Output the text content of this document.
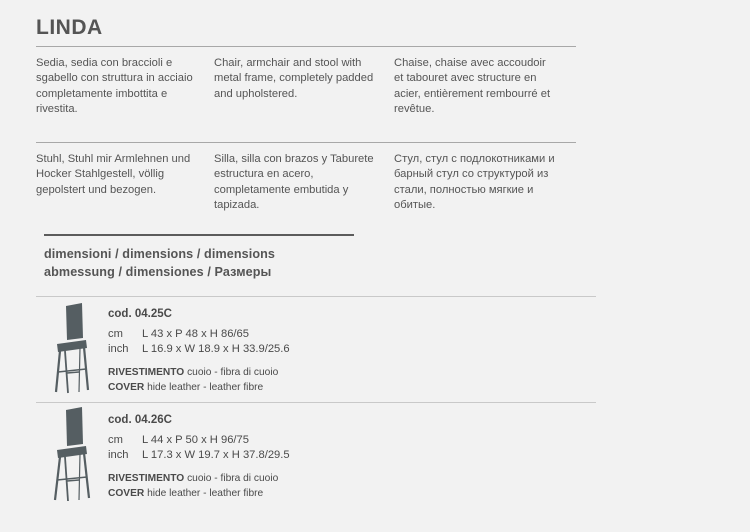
LINDA
Sedia, sedia con braccioli e sgabello con struttura in acciaio completamente imbottita e rivestita.
Chair, armchair and stool with metal frame, completely padded and upholstered.
Chaise, chaise avec accoudoir et tabouret avec structure en acier, entièrement rembourré et revêtue.
Stuhl, Stuhl mir Armlehnen und Hocker Stahlgestell, völlig gepolstert und bezogen.
Silla, silla con brazos y Taburete estructura en acero, completamente embutida y tapizada.
Стул, стул с подлокотниками и барный стул со структурой из стали, полностью мягкие и обитые.
dimensioni / dimensions / dimensions
abmessung / dimensiones / Размеры
cod. 04.25C
cm L 43 x P 48 x H 86/65
inch L 16.9 x W 18.9 x H 33.9/25.6
RIVESTIMENTO cuoio - fibra di cuoio
COVER hide leather - leather fibre
cod. 04.26C
cm L 44 x P 50 x H 96/75
inch L 17.3 x W 19.7 x H 37.8/29.5
RIVESTIMENTO cuoio - fibra di cuoio
COVER hide leather - leather fibre
